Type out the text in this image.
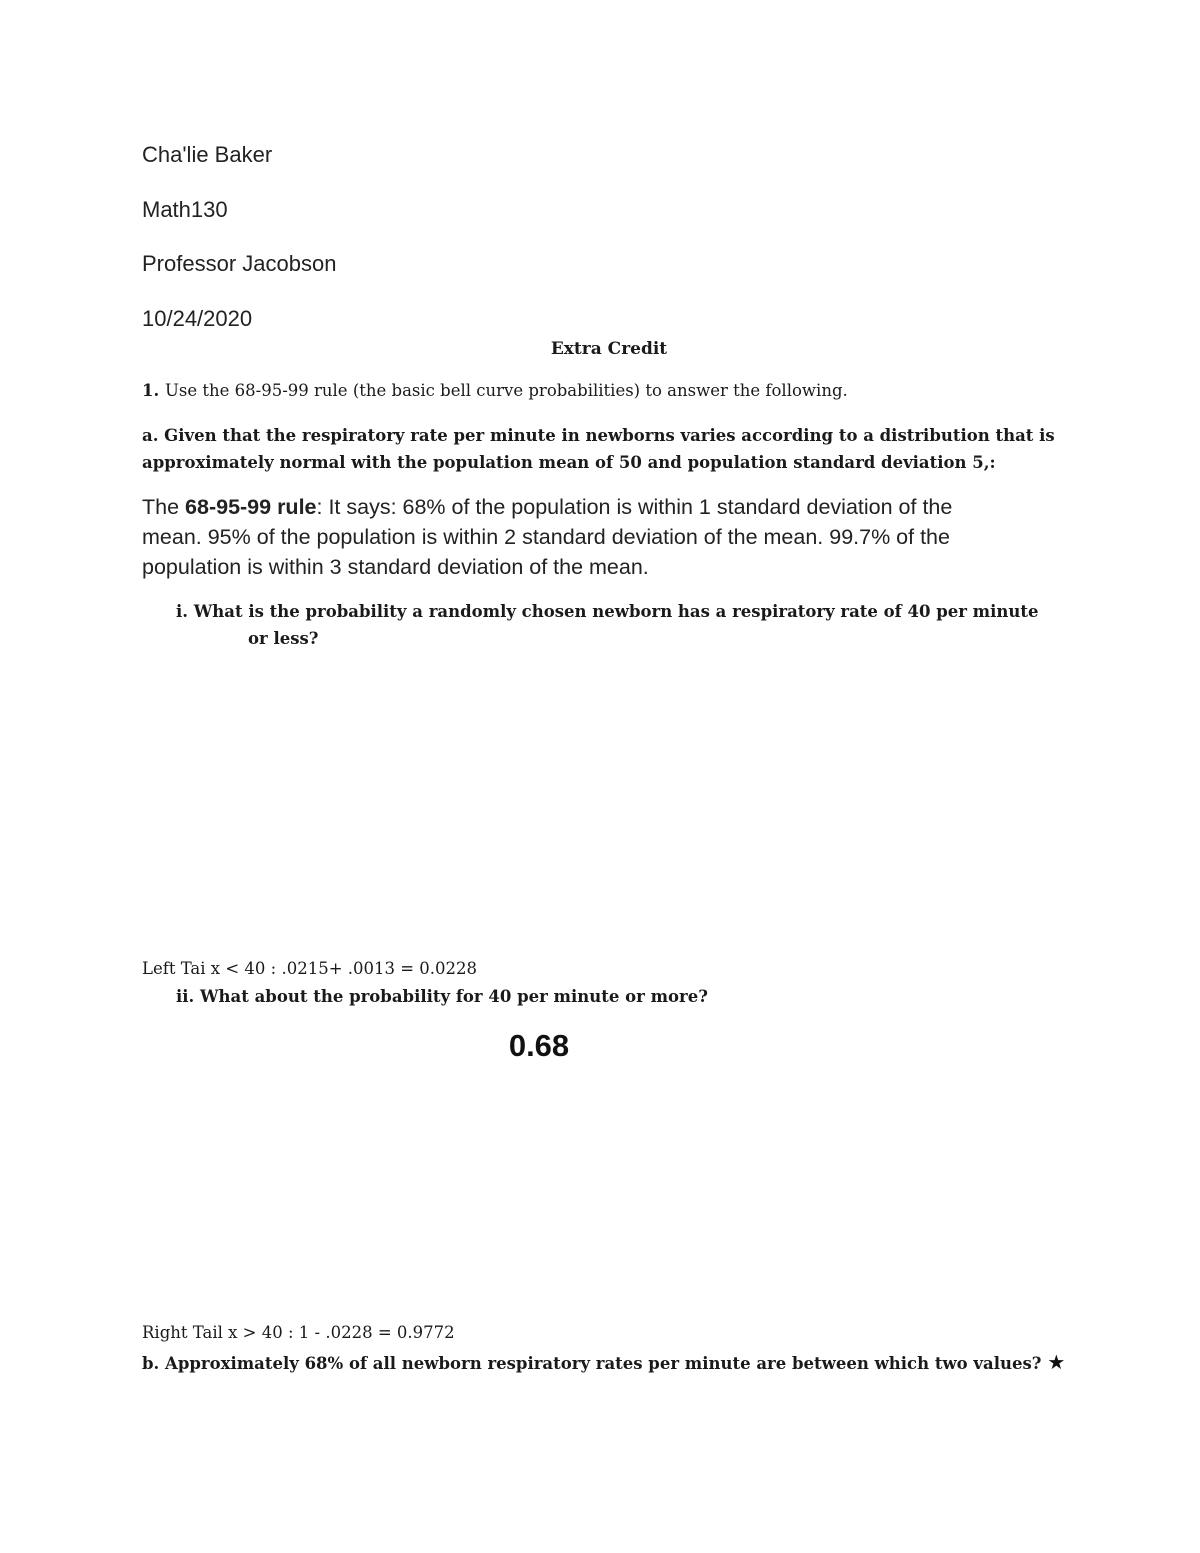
Cha'lie Baker
Math130
Professor Jacobson
10/24/2020
Extra Credit
1. Use the 68-95-99 rule (the basic bell curve probabilities) to answer the following.
a. Given that the respiratory rate per minute in newborns varies according to a distribution that is
approximately normal with the population mean of 50 and population standard deviation 5,:
The 68-95-99 rule: It says: 68% of the population is within 1 standard deviation of the
mean. 95% of the population is within 2 standard deviation of the mean. 99.7% of the
population is within 3 standard deviation of the mean.
i. What is the probability a randomly chosen newborn has a respiratory rate of 40 per minute
or less?
Left Tai x < 40 : .0215+ .0013 = 0.0228
ii. What about the probability for 40 per minute or more?
0.68
Right Tail x > 40 : 1 - .0228 = 0.9772
b. Approximately 68% of all newborn respiratory rates per minute are between which two values? ★
